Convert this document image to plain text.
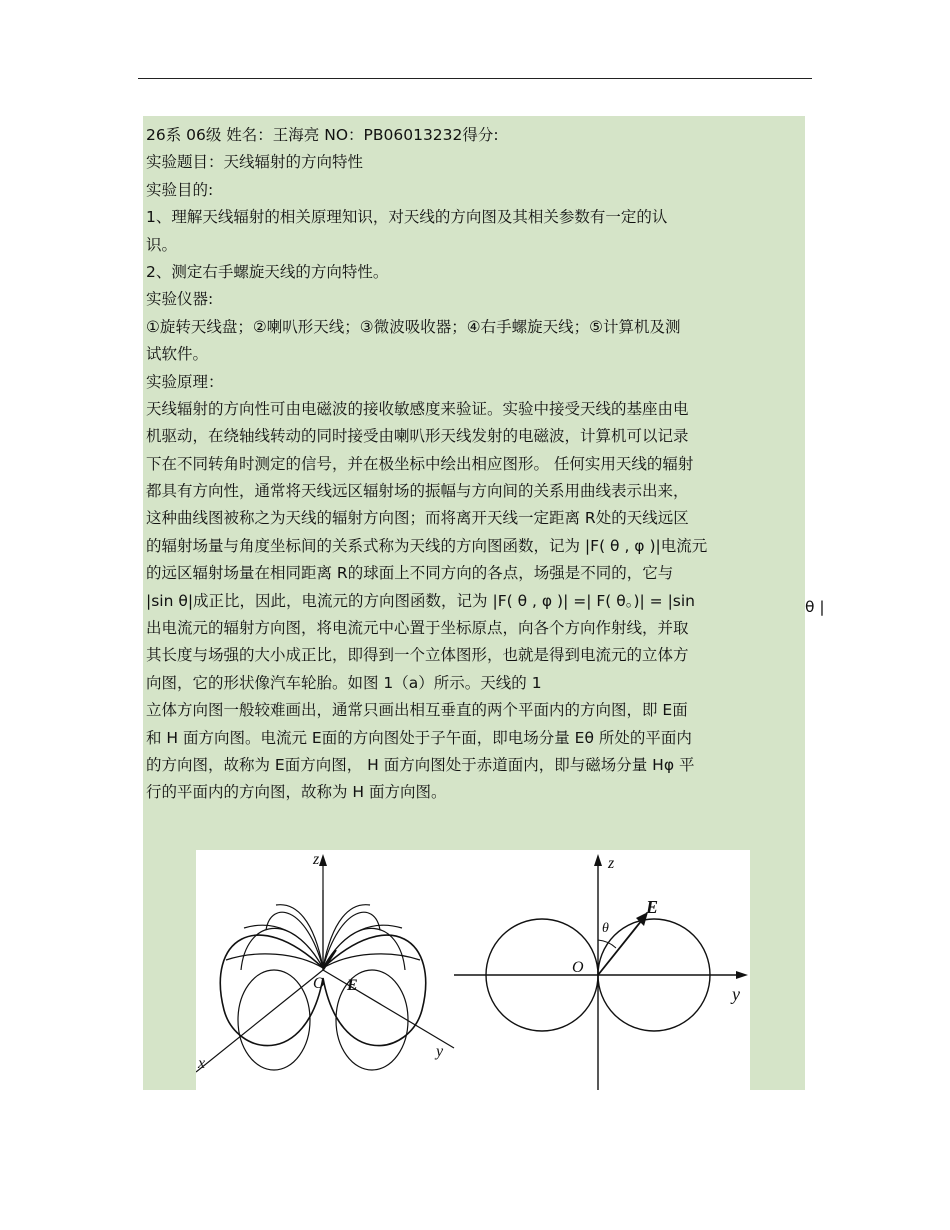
26系 06级 姓名：王海亮 NO：PB06013232得分:
实验题目：天线辐射的方向特性
实验目的:
1、理解天线辐射的相关原理知识，对天线的方向图及其相关参数有一定的认
识。
2、测定右手螺旋天线的方向特性。
实验仪器:
①旋转天线盘；②喇叭形天线；③微波吸收器；④右手螺旋天线；⑤计算机及测
试软件。
实验原理：
天线辐射的方向性可由电磁波的接收敏感度来验证。实验中接受天线的基座由电
机驱动，在绕轴线转动的同时接受由喇叭形天线发射的电磁波，计算机可以记录
下在不同转角时测定的信号，并在极坐标中绘出相应图形。 任何实用天线的辐射
都具有方向性，通常将天线远区辐射场的振幅与方向间的关系用曲线表示出来，
这种曲线图被称之为天线的辐射方向图；而将离开天线一定距离 R处的天线远区
的辐射场量与角度坐标间的关系式称为天线的方向图函数，记为 |F( θ , φ )|电流元
的远区辐射场量在相同距离 R的球面上不同方向的各点，场强是不同的，它与
|sin θ|成正比，因此，电流元的方向图函数，记为 |F( θ , φ )| =| F( θ。)| = |sin
出电流元的辐射方向图，将电流元中心置于坐标原点，向各个方向作射线，并取
其长度与场强的大小成正比，即得到一个立体图形，也就是得到电流元的立体方
向图，它的形状像汽车轮胎。如图 1（a）所示。天线的 1
立体方向图一般较难画出，通常只画出相互垂直的两个平面内的方向图，即 E面
和 H 面方向图。电流元 E面的方向图处于子午面，即电场分量 Eθ 所处的平面内
的方向图，故称为 E面方向图， H 面方向图处于赤道面内，即与磁场分量 Hφ 平
行的平面内的方向图，故称为 H 面方向图。
θ |
z
O E
x
y
z
O
E
θ
y
